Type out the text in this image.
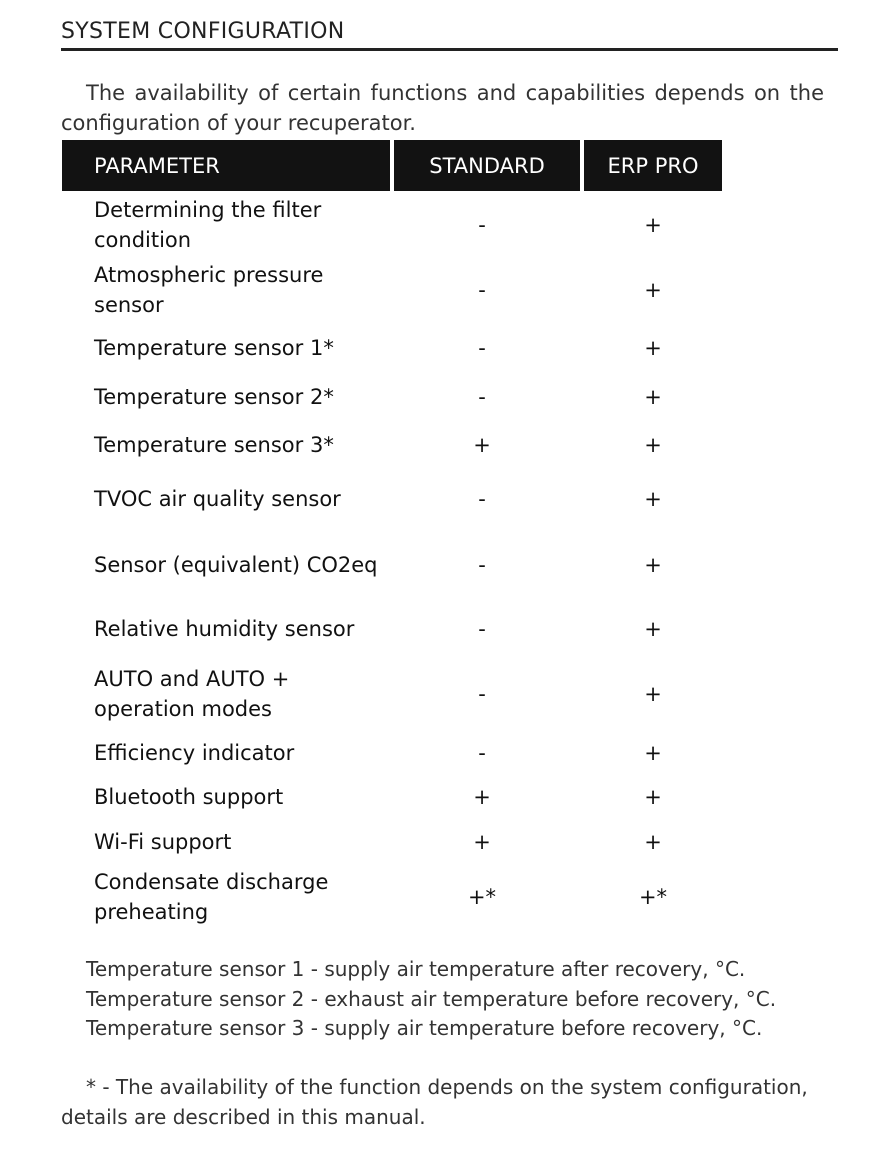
SYSTEM CONFIGURATION

The availability of certain functions and capabilities depends on the configuration of your recuperator.

PARAMETER	STANDARD	ERP PRO
Determining the filter condition	-	+
Atmospheric pressure sensor	-	+
Temperature sensor 1*	-	+
Temperature sensor 2*	-	+
Temperature sensor 3*	+	+
TVOC air quality sensor	-	+
Sensor (equivalent) CO2eq	-	+
Relative humidity sensor	-	+
AUTO and AUTO + operation modes	-	+
Efficiency indicator	-	+
Bluetooth support	+	+
Wi-Fi support	+	+
Condensate discharge preheating	+*	+*
Temperature sensor 1 - supply air temperature after recovery, °C.
Temperature sensor 2 - exhaust air temperature before recovery, °C.
Temperature sensor 3 - supply air temperature before recovery, °C.

* - The availability of the function depends on the system configuration, details are described in this manual.
